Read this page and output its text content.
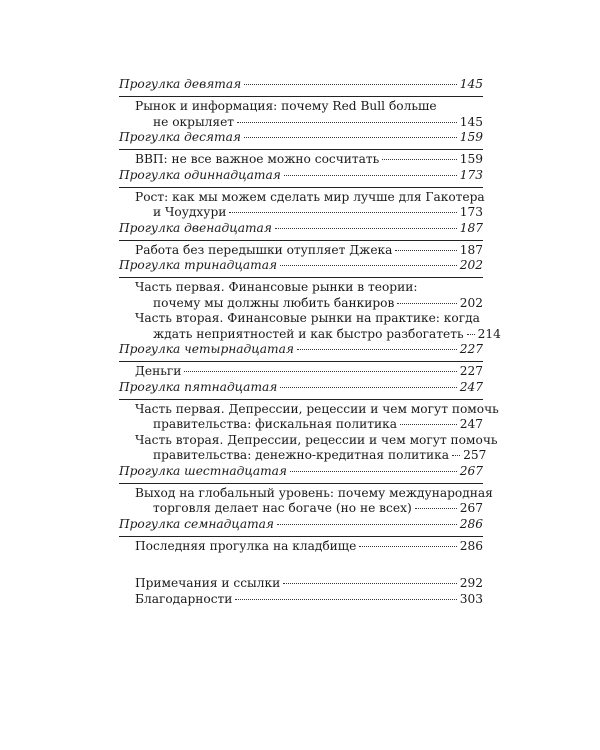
Прогулка девятая	145
Рынок и информация: почему Red Bull больше
не окрыляет	145
Прогулка десятая	159
ВВП: не все важное можно сосчитать	159
Прогулка одиннадцатая	173
Рост: как мы можем сделать мир лучше для Гакотера
и Чоудхури	173
Прогулка двенадцатая	187
Работа без передышки отупляет Джека	187
Прогулка тринадцатая	202
Часть первая. Финансовые рынки в теории:
почему мы должны любить банкиров	202
Часть вторая. Финансовые рынки на практике: когда
ждать неприятностей и как быстро разбогатеть 214
Прогулка четырнадцатая	227
Деньги	227
Прогулка пятнадцатая	247
Часть первая. Депрессии, рецессии и чем могут помочь
правительства: фискальная политика	247
Часть вторая. Депрессии, рецессии и чем могут помочь
правительства: денежно-кредитная политика 257
Прогулка шестнадцатая	267
Выход на глобальный уровень: почему международная
торговля делает нас богаче (но не всех)	267
Прогулка семнадцатая	286
Последняя прогулка на кладбище	286
Примечания и ссылки	292
Благодарности	303
